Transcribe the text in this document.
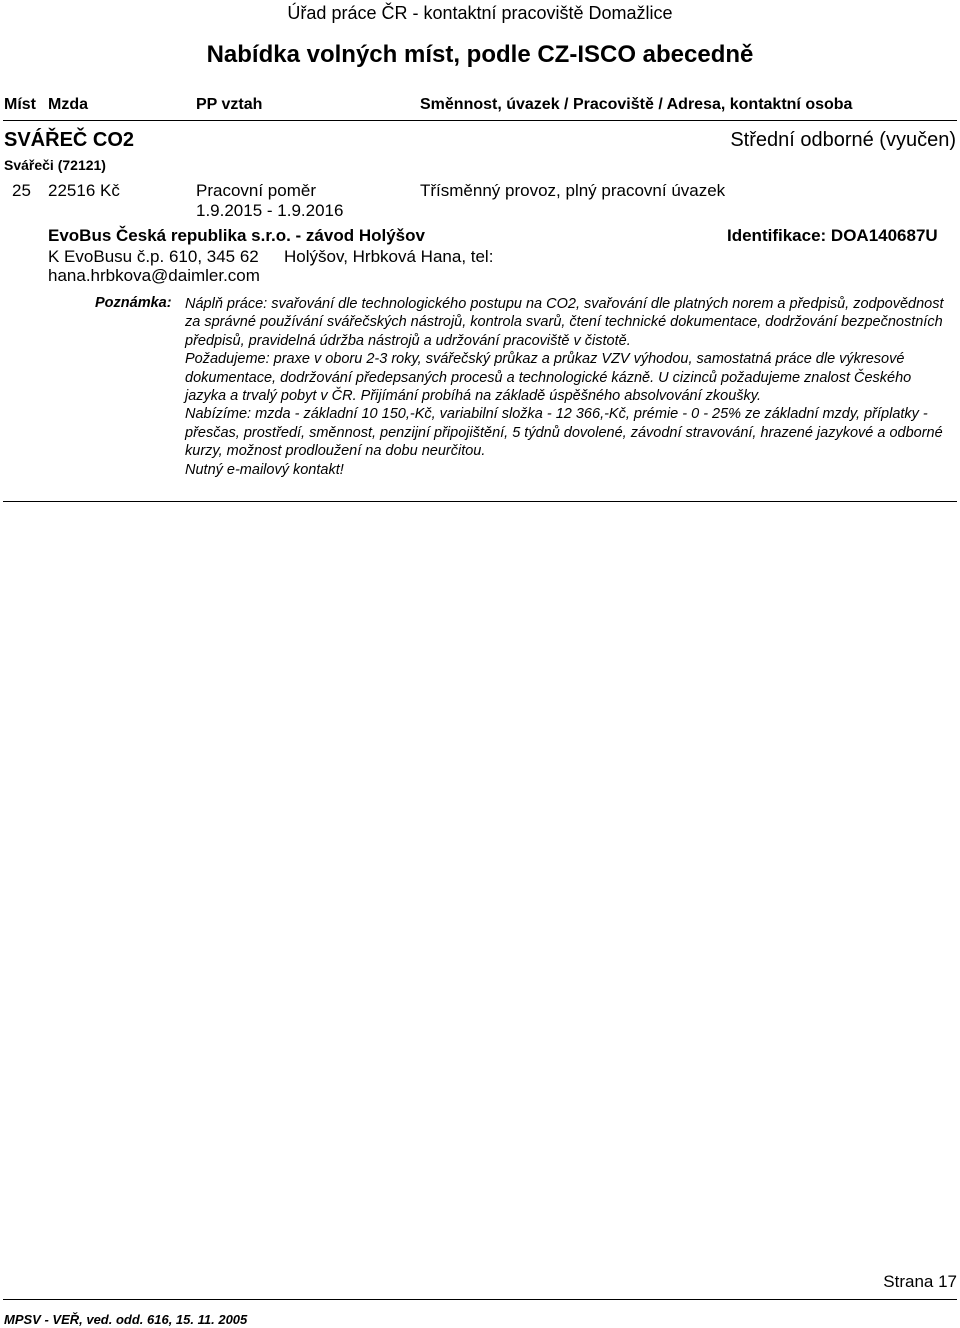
Úřad práce ČR - kontaktní pracoviště Domažlice
Nabídka volných míst, podle CZ-ISCO abecedně
Míst Mzda	PP vztah	Směnnost, úvazek / Pracoviště / Adresa, kontaktní osoba
SVÁŘEČ CO2	Střední odborné (vyučen)
Svářeči (72121)
25 22516 Kč	Pracovní poměr
1.9.2015 - 1.9.2016
Třísměnný provoz, plný pracovní úvazek
EvoBus Česká republika s.r.o. - závod Holýšov	Identifikace: DOA140687U
K EvoBusu č.p. 610, 345 62 Holýšov, Hrbková Hana, tel:
hana.hrbkova@daimler.com
Poznámka: Náplň práce: svařování dle technologického postupu na CO2, svařování dle platných norem a předpisů, zodpovědnost za správné používání svářečských nástrojů, kontrola svarů, čtení technické dokumentace, dodržování bezpečnostních předpisů, pravidelná údržba nástrojů a udržování pracoviště v čistotě.

Požadujeme: praxe v oboru 2-3 roky, svářečský průkaz a průkaz VZV výhodou, samostatná práce dle výkresové dokumentace, dodržování předepsaných procesů a technologické kázně. U cizinců požadujeme znalost Českého jazyka a trvalý pobyt v ČR. Přijímání probíhá na základě úspěšného absolvování zkoušky.

Nabízíme: mzda - základní 10 150,-Kč, variabilní složka - 12 366,-Kč, prémie - 0 - 25% ze základní mzdy, příplatky - přesčas, prostředí, směnnost, penzijní připojištění, 5 týdnů dovolené, závodní stravování, hrazené jazykové a odborné kurzy, možnost prodloužení na dobu neurčitou.

Nutný e-mailový kontakt!

Strana 17
MPSV - VEŘ, ved. odd. 616, 15. 11. 2005
